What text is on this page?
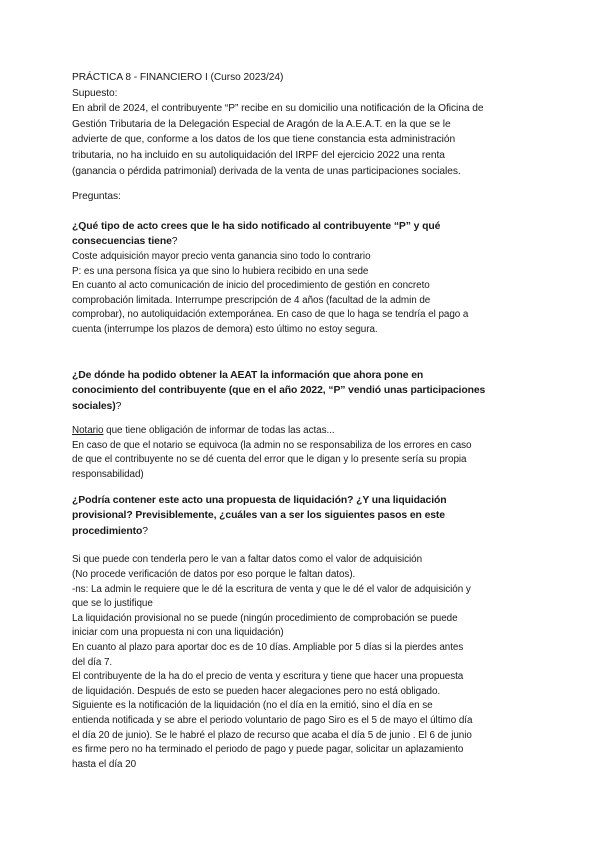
PRÁCTICA 8 - FINANCIERO I (Curso 2023/24)
Supuesto:
En abril de 2024, el contribuyente “P” recibe en su domicilio una notificación de la Oficina de
Gestión Tributaria de la Delegación Especial de Aragón de la A.E.A.T. en la que se le
advierte de que, conforme a los datos de los que tiene constancia esta administración
tributaria, no ha incluido en su autoliquidación del IRPF del ejercicio 2022 una renta
(ganancia o pérdida patrimonial) derivada de la venta de unas participaciones sociales.
Preguntas:
¿Qué tipo de acto crees que le ha sido notificado al contribuyente “P” y qué
consecuencias tiene?
Coste adquisición mayor precio venta ganancia sino todo lo contrario
P: es una persona física ya que sino lo hubiera recibido en una sede
En cuanto al acto comunicación de inicio del procedimiento de gestión en concreto
comprobación limitada. Interrumpe prescripción de 4 años (facultad de la admin de
comprobar), no autoliquidación extemporánea. En caso de que lo haga se tendría el pago a
cuenta (interrumpe los plazos de demora) esto último no estoy segura.
¿De dónde ha podido obtener la AEAT la información que ahora pone en
conocimiento del contribuyente (que en el año 2022, “P” vendió unas participaciones
sociales)?
Notario que tiene obligación de informar de todas las actas...
En caso de que el notario se equivoca (la admin no se responsabiliza de los errores en caso
de que el contribuyente no se dé cuenta del error que le digan y lo presente sería su propia
responsabilidad)
¿Podría contener este acto una propuesta de liquidación? ¿Y una liquidación
provisional? Previsiblemente, ¿cuáles van a ser los siguientes pasos en este
procedimiento?
Si que puede con tenderla pero le van a faltar datos como el valor de adquisición
(No procede verificación de datos por eso porque le faltan datos).
-ns: La admin le requiere que le dé la escritura de venta y que le dé el valor de adquisición y
que se lo justifique
La liquidación provisional no se puede (ningún procedimiento de comprobación se puede
iniciar com una propuesta ni con una liquidación)
En cuanto al plazo para aportar doc es de 10 días. Ampliable por 5 días si la pierdes antes
del día 7.
El contribuyente de la ha do el precio de venta y escritura y tiene que hacer una propuesta
de liquidación. Después de esto se pueden hacer alegaciones pero no está obligado.
Siguiente es la notificación de la liquidación (no el día en la emitió, sino el día en se
entienda notificada y se abre el periodo voluntario de pago Siro es el 5 de mayo el último día
el día 20 de junio). Se le habré el plazo de recurso que acaba el día 5 de junio . El 6 de junio
es firme pero no ha terminado el periodo de pago y puede pagar, solicitar un aplazamiento
hasta el día 20
